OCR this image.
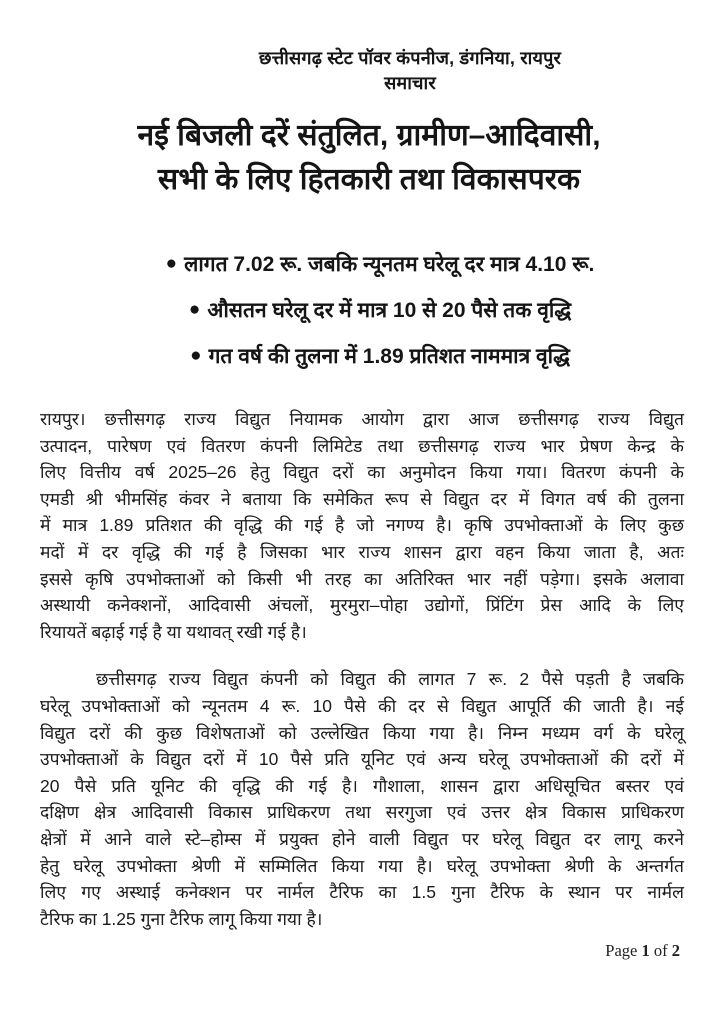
छत्तीसगढ़ स्टेट पॉवर कंपनीज, डंगनिया, रायपुर
समाचार
नई बिजली दरें संतुलित, ग्रामीण–आदिवासी,
सभी के लिए हितकारी तथा विकासपरक
● लागत 7.02 रू. जबकि न्यूनतम घरेलू दर मात्र 4.10 रू.
● औसतन घरेलू दर में मात्र 10 से 20 पैसे तक वृद्धि
● गत वर्ष की तुलना में 1.89 प्रतिशत नाममात्र वृद्धि
रायपुर। छत्तीसगढ़ राज्य विद्युत नियामक आयोग द्वारा आज छत्तीसगढ़ राज्य विद्युत
उत्पादन, पारेषण एवं वितरण कंपनी लिमिटेड तथा छत्तीसगढ़ राज्य भार प्रेषण केन्द्र के
लिए वित्तीय वर्ष 2025–26 हेतु विद्युत दरों का अनुमोदन किया गया। वितरण कंपनी के
एमडी श्री भीमसिंह कंवर ने बताया कि समेकित रूप से विद्युत दर में विगत वर्ष की तुलना
में मात्र 1.89 प्रतिशत की वृद्धि की गई है जो नगण्य है। कृषि उपभोक्ताओं के लिए कुछ
मदों में दर वृद्धि की गई है जिसका भार राज्य शासन द्वारा वहन किया जाता है, अतः
इससे कृषि उपभोक्ताओं को किसी भी तरह का अतिरिक्त भार नहीं पड़ेगा। इसके अलावा
अस्थायी कनेक्शनों, आदिवासी अंचलों, मुरमुरा–पोहा उद्योगों, प्रिंटिंग प्रेस आदि के लिए
रियायतें बढ़ाई गई है या यथावत् रखी गई है।
छत्तीसगढ़ राज्य विद्युत कंपनी को विद्युत की लागत 7 रू. 2 पैसे पड़ती है जबकि
घरेलू उपभोक्ताओं को न्यूनतम 4 रू. 10 पैसे की दर से विद्युत आपूर्ति की जाती है। नई
विद्युत दरों की कुछ विशेषताओं को उल्लेखित किया गया है। निम्न मध्यम वर्ग के घरेलू
उपभोक्ताओं के विद्युत दरों में 10 पैसे प्रति यूनिट एवं अन्य घरेलू उपभोक्ताओं की दरों में
20 पैसे प्रति यूनिट की वृद्धि की गई है। गौशाला, शासन द्वारा अधिसूचित बस्तर एवं
दक्षिण क्षेत्र आदिवासी विकास प्राधिकरण तथा सरगुजा एवं उत्तर क्षेत्र विकास प्राधिकरण
क्षेत्रों में आने वाले स्टे–होम्स में प्रयुक्त होने वाली विद्युत पर घरेलू विद्युत दर लागू करने
हेतु घरेलू उपभोक्ता श्रेणी में सम्मिलित किया गया है। घरेलू उपभोक्ता श्रेणी के अन्तर्गत
लिए गए अस्थाई कनेक्शन पर नार्मल टैरिफ का 1.5 गुना टैरिफ के स्थान पर नार्मल
टैरिफ का 1.25 गुना टैरिफ लागू किया गया है।
Page 1 of 2
